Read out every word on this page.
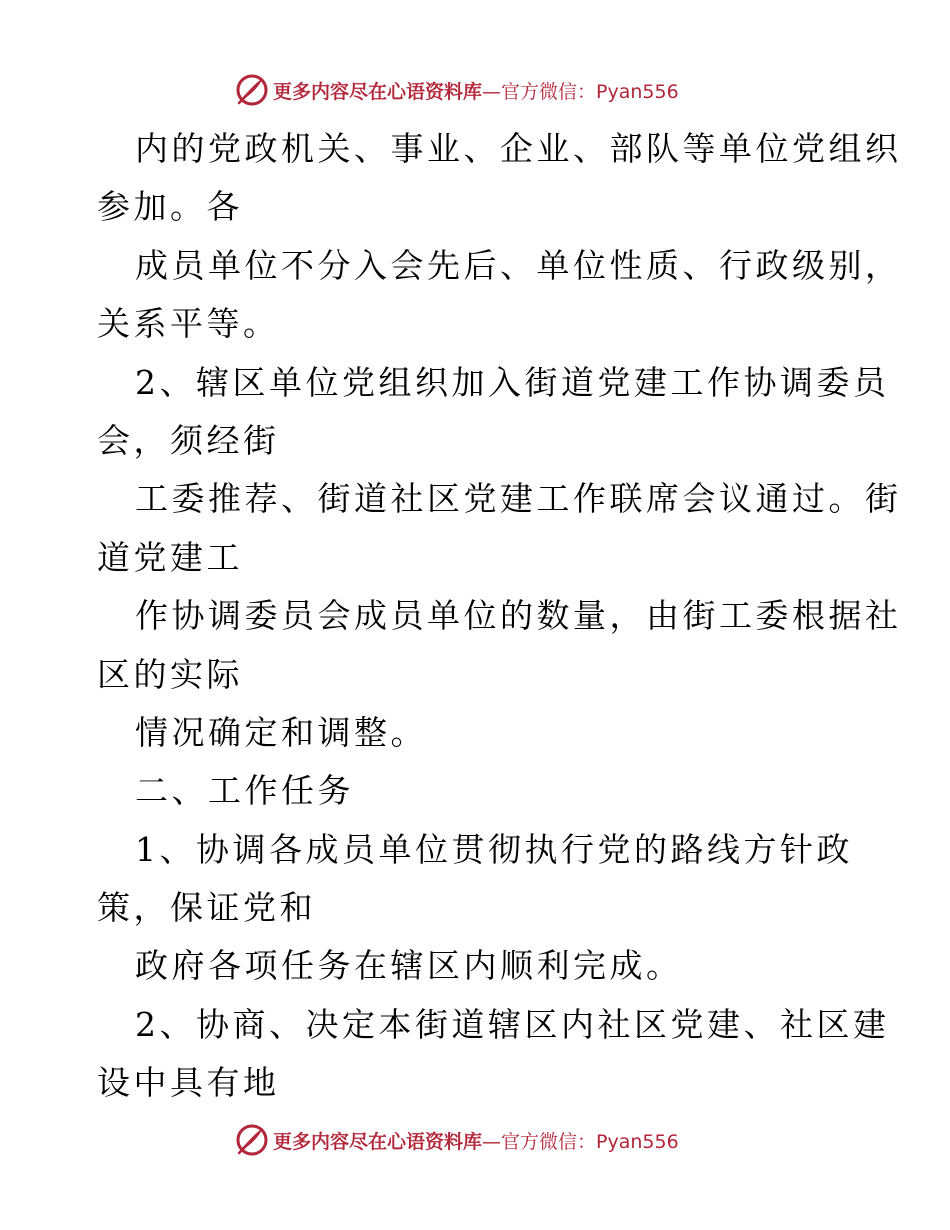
更多内容尽在心语资料库—官方微信：Pyan556
内的党政机关、事业、企业、部队等单位党组织
参加。各
成员单位不分入会先后、单位性质、行政级别，
关系平等。
2、辖区单位党组织加入街道党建工作协调委员
会，须经街
工委推荐、街道社区党建工作联席会议通过。街
道党建工
作协调委员会成员单位的数量，由街工委根据社
区的实际
情况确定和调整。
二、工作任务
1、协调各成员单位贯彻执行党的路线方针政
策，保证党和
政府各项任务在辖区内顺利完成。
2、协商、决定本街道辖区内社区党建、社区建
设中具有地
更多内容尽在心语资料库—官方微信：Pyan556
